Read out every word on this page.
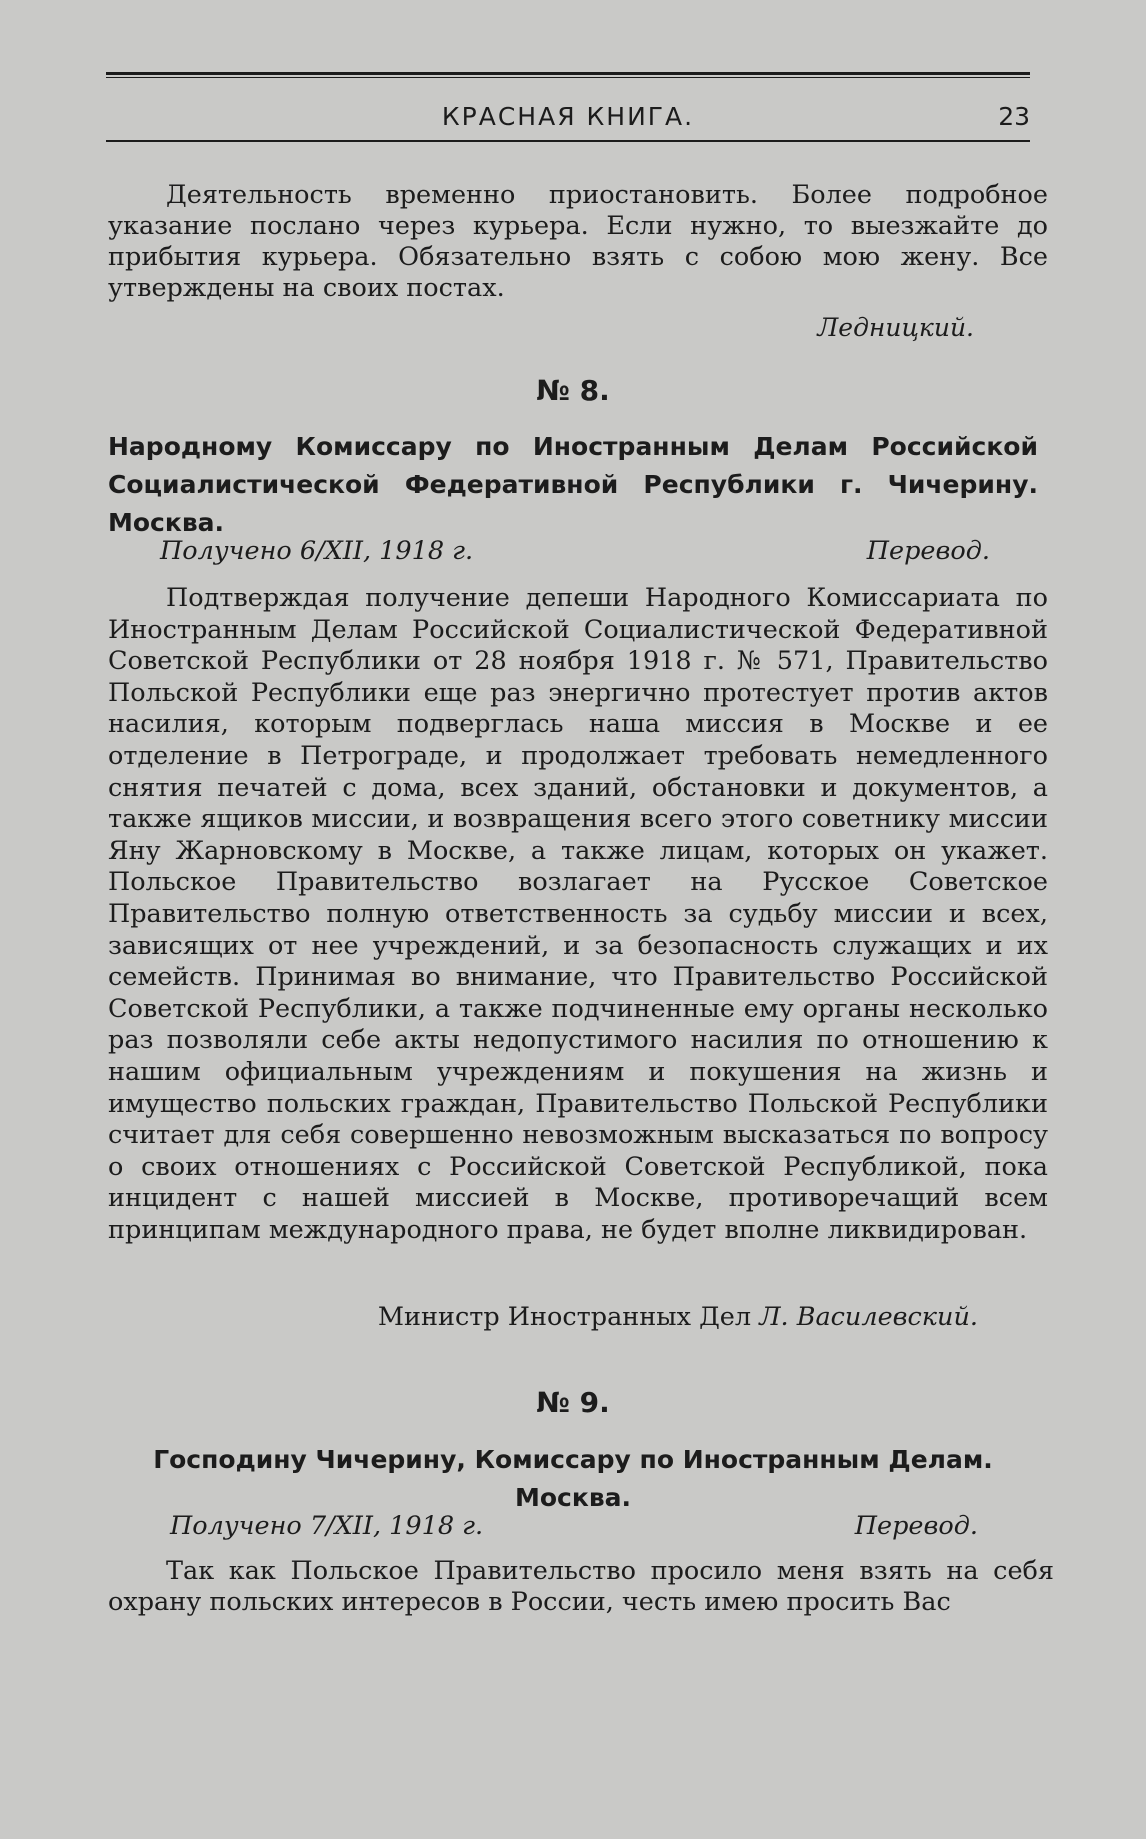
КРАСНАЯ КНИГА.	23

Деятельность временно приостановить. Более подробное указание послано через курьера. Если нужно, то выезжайте до прибытия курьера. Обязательно взять с собою мою жену. Все утверждены на своих постах.

Ледницкий.
№ 8.
Народному Комиссару по Иностранным Делам Российской Социалистической Федеративной Республики г. Чичерину. Москва.
Получено 6/XII, 1918 г.	Перевод.

Подтверждая получение депеши Народного Комиссариата по Иностранным Делам Российской Социалистической Федеративной Советской Республики от 28 ноября 1918 г. № 571, Правительство Польской Республики еще раз энергично протестует против актов насилия, которым подверглась наша миссия в Москве и ее отделение в Петрограде, и продолжает требовать немедленного снятия печатей с дома, всех зданий, обстановки и документов, а также ящиков миссии, и возвращения всего этого советнику миссии Яну Жарновскому в Москве, а также лицам, которых он укажет. Польское Правительство возлагает на Русское Советское Правительство полную ответственность за судьбу миссии и всех, зависящих от нее учреждений, и за безопасность служащих и их семейств. Принимая во внимание, что Правительство Российской Советской Республики, а также подчиненные ему органы несколько раз позволяли себе акты недопустимого насилия по отношению к нашим официальным учреждениям и покушения на жизнь и имущество польских граждан, Правительство Польской Республики считает для себя совершенно невозможным высказаться по вопросу о своих отношениях с Российской Советской Республикой, пока инцидент с нашей миссией в Москве, противоречащий всем принципам международного права, не будет вполне ликвидирован.

Министр Иностранных Дел Л. Василевский.
№ 9.
Господину Чичерину, Комиссару по Иностранным Делам. Москва.
Получено 7/XII, 1918 г.	Перевод.

Так как Польское Правительство просило меня взять на себя охрану польских интересов в России, честь имею просить Вас
